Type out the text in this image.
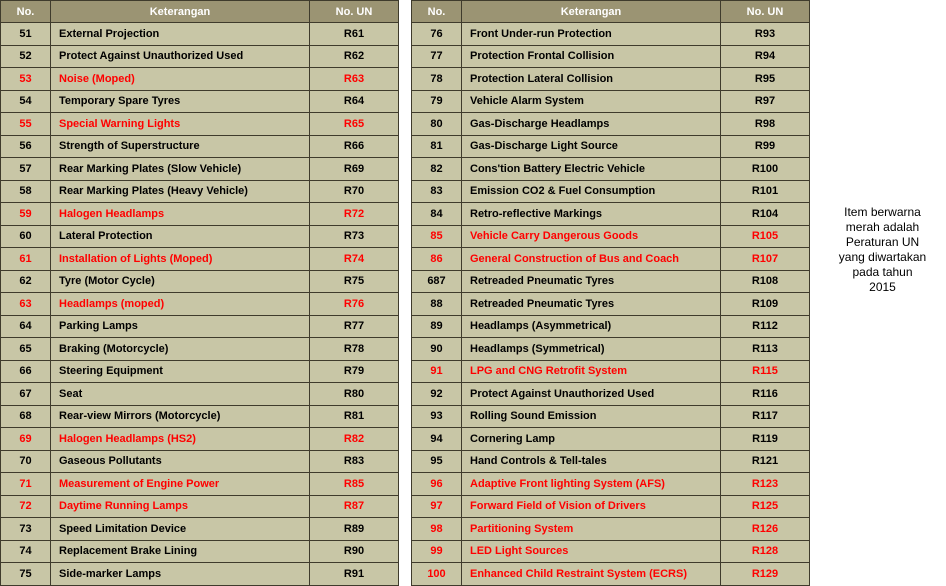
No.	Keterangan	No. UN
51	External Projection	R61
52	Protect Against Unauthorized Used	R62
53	Noise (Moped)	R63
54	Temporary Spare Tyres	R64
55	Special Warning Lights	R65
56	Strength of Superstructure	R66
57	Rear Marking Plates (Slow Vehicle)	R69
58	Rear Marking Plates (Heavy Vehicle)	R70
59	Halogen Headlamps	R72
60	Lateral Protection	R73
61	Installation of Lights (Moped)	R74
62	Tyre (Motor Cycle)	R75
63	Headlamps (moped)	R76
64	Parking Lamps	R77
65	Braking (Motorcycle)	R78
66	Steering Equipment	R79
67	Seat	R80
68	Rear-view Mirrors (Motorcycle)	R81
69	Halogen Headlamps (HS2)	R82
70	Gaseous Pollutants	R83
71	Measurement of Engine Power	R85
72	Daytime Running Lamps	R87
73	Speed Limitation Device	R89
74	Replacement Brake Lining	R90
75	Side-marker Lamps	R91
No.	Keterangan	No. UN
76	Front Under-run Protection	R93
77	Protection Frontal Collision	R94
78	Protection Lateral Collision	R95
79	Vehicle Alarm System	R97
80	Gas-Discharge Headlamps	R98
81	Gas-Discharge Light Source	R99
82	Cons'tion Battery Electric Vehicle	R100
83	Emission CO2 & Fuel Consumption	R101
84	Retro-reflective Markings	R104
85	Vehicle Carry Dangerous Goods	R105
86	General Construction of Bus and Coach	R107
687	Retreaded Pneumatic Tyres	R108
88	Retreaded Pneumatic Tyres	R109
89	Headlamps (Asymmetrical)	R112
90	Headlamps (Symmetrical)	R113
91	LPG and CNG Retrofit System	R115
92	Protect Against Unauthorized Used	R116
93	Rolling Sound Emission	R117
94	Cornering Lamp	R119
95	Hand Controls & Tell-tales	R121
96	Adaptive Front lighting System (AFS)	R123
97	Forward Field of Vision of Drivers	R125
98	Partitioning System	R126
99	LED Light Sources	R128
100	Enhanced Child Restraint System (ECRS)	R129
Item berwarna
merah adalah
Peraturan UN
yang diwartakan
pada tahun
2015
